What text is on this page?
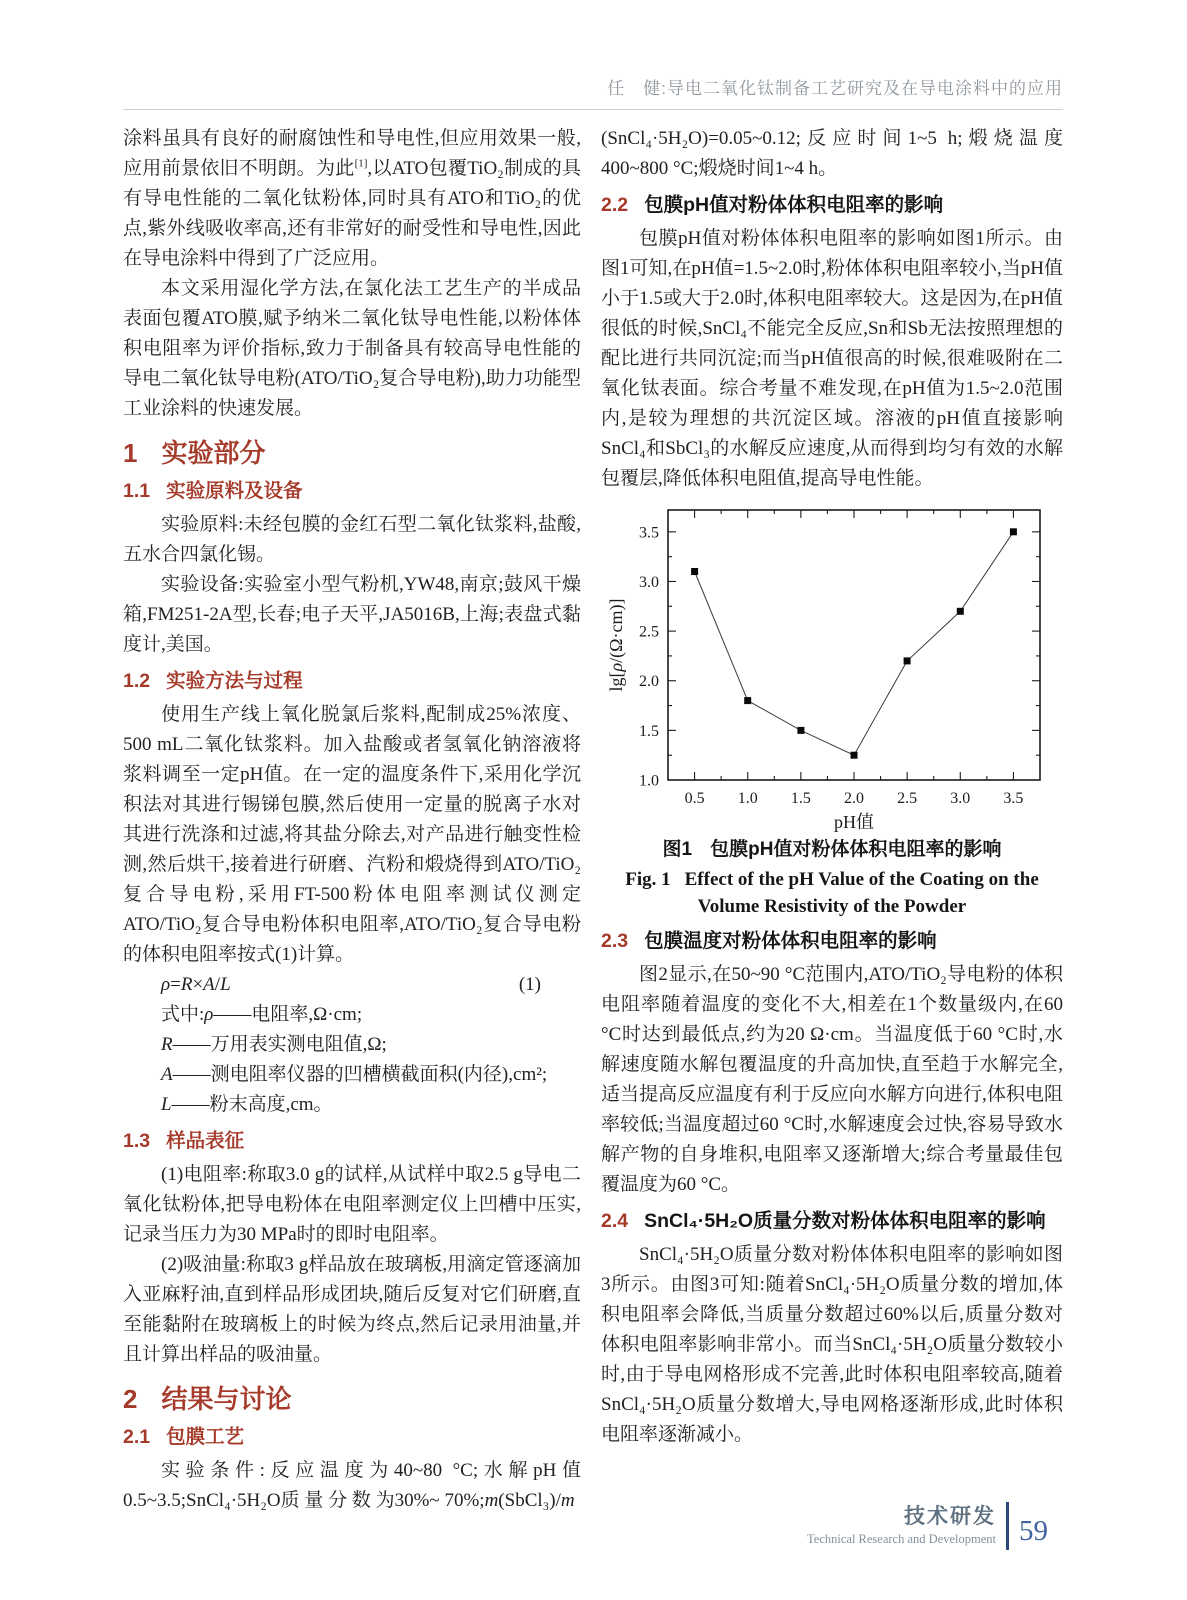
任　健:导电二氧化钛制备工艺研究及在导电涂料中的应用

涂料虽具有良好的耐腐蚀性和导电性,但应用效果一般,应用前景依旧不明朗。为此[1],以ATO包覆TiO₂制成的具有导电性能的二氧化钛粉体,同时具有ATO和TiO₂的优点,紫外线吸收率高,还有非常好的耐受性和导电性,因此在导电涂料中得到了广泛应用。

本文采用湿化学方法,在氯化法工艺生产的半成品表面包覆ATO膜,赋予纳米二氧化钛导电性能,以粉体体积电阻率为评价指标,致力于制备具有较高导电性能的导电二氧化钛导电粉(ATO/TiO₂复合导电粉),助力功能型工业涂料的快速发展。

1 实验部分
1.1 实验原料及设备

实验原料:未经包膜的金红石型二氧化钛浆料,盐酸,五水合四氯化锡。

实验设备:实验室小型气粉机,YW48,南京;鼓风干燥箱,FM251-2A型,长春;电子天平,JA5016B,上海;表盘式黏度计,美国。

1.2 实验方法与过程

使用生产线上氧化脱氯后浆料,配制成25%浓度、500 mL二氧化钛浆料。加入盐酸或者氢氧化钠溶液将浆料调至一定pH值。在一定的温度条件下,采用化学沉积法对其进行锡锑包膜,然后使用一定量的脱离子水对其进行洗涤和过滤,将其盐分除去,对产品进行触变性检测,然后烘干,接着进行研磨、汽粉和煅烧得到ATO/TiO₂复合导电粉,采用FT-500粉体电阻率测试仪测定ATO/TiO₂复合导电粉体积电阻率,ATO/TiO₂复合导电粉的体积电阻率按式(1)计算。

ρ=R×A/L	(1)

式中:ρ——电阻率,Ω·cm;

R——万用表实测电阻值,Ω;

A——测电阻率仪器的凹槽横截面积(内径),cm²;

L——粉末高度,cm。

1.3 样品表征

(1)电阻率:称取3.0 g的试样,从试样中取2.5 g导电二氧化钛粉体,把导电粉体在电阻率测定仪上凹槽中压实,记录当压力为30 MPa时的即时电阻率。

(2)吸油量:称取3 g样品放在玻璃板,用滴定管逐滴加入亚麻籽油,直到样品形成团块,随后反复对它们研磨,直至能黏附在玻璃板上的时候为终点,然后记录用油量,并且计算出样品的吸油量。

2 结果与讨论
2.1 包膜工艺

实验条件:反应温度为40~80 °C;水解pH值0.5~3.5;SnCl₄·5H₂O质 量 分 数 为30%~ 70%;m(SbCl₃)/m

(SnCl₄·5H₂O)=0.05~0.12;反应时间1~5 h;煅烧温度400~800 °C;煅烧时间1~4 h。

2.2 包膜pH值对粉体体积电阻率的影响

包膜pH值对粉体体积电阻率的影响如图1所示。由图1可知,在pH值=1.5~2.0时,粉体体积电阻率较小,当pH值小于1.5或大于2.0时,体积电阻率较大。这是因为,在pH值很低的时候,SnCl₄不能完全反应,Sn和Sb无法按照理想的配比进行共同沉淀;而当pH值很高的时候,很难吸附在二氧化钛表面。综合考量不难发现,在pH值为1.5~2.0范围内,是较为理想的共沉淀区域。溶液的pH值直接影响SnCl₄和SbCl₃的水解反应速度,从而得到均匀有效的水解包覆层,降低体积电阻值,提高导电性能。

0.5 1.0 1.5 2.0 2.5 3.0 3.5
1.0
1.5
2.0
2.5
3.0
3.5
pH值
lg[ρ/(Ω·cm)]
图1 包膜pH值对粉体体积电阻率的影响
Fig. 1 Effect of the pH Value of the Coating on the Volume Resistivity of the Powder
2.3 包膜温度对粉体体积电阻率的影响

图2显示,在50~90 °C范围内,ATO/TiO₂导电粉的体积电阻率随着温度的变化不大,相差在1个数量级内,在60 °C时达到最低点,约为20 Ω·cm。当温度低于60 °C时,水解速度随水解包覆温度的升高加快,直至趋于水解完全,适当提高反应温度有利于反应向水解方向进行,体积电阻率较低;当温度超过60 °C时,水解速度会过快,容易导致水解产物的自身堆积,电阻率又逐渐增大;综合考量最佳包覆温度为60 °C。

2.4 SnCl₄·5H₂O质量分数对粉体体积电阻率的影响

SnCl₄·5H₂O质量分数对粉体体积电阻率的影响如图3所示。由图3可知:随着SnCl₄·5H₂O质量分数的增加,体积电阻率会降低,当质量分数超过60%以后,质量分数对体积电阻率影响非常小。而当SnCl₄·5H₂O质量分数较小时,由于导电网格形成不完善,此时体积电阻率较高,随着SnCl₄·5H₂O质量分数增大,导电网格逐渐形成,此时体积电阻率逐渐减小。

技术研发
Technical Research and Development 59
